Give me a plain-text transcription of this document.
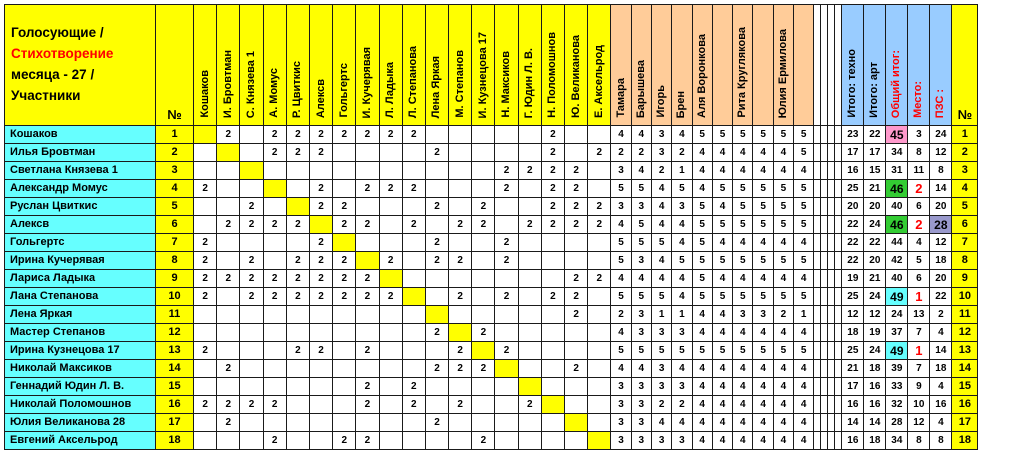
Голосующие /
Стихотворение
месяца - 27 /
Участники	№	Кошаков	И. Бровтман	С. Князева 1	А. Момус	Р. Цвиткис	Алексв	Гольгертс	И. Кучерявая	Л. Ладыка	Л. Степанова	Лена Яркая	М. Степанов	И. Кузнецова 17	Н. Максиков	Г. Юдин Л. В.	Н. Поломошнов	Ю. Великанова	Е. Аксельрод	Тамара	Барышева	Игорь	Брен	Аля Воронкова		Рита Круглякова		Юлия Ермилова						Итого: техно	Итого: арт	Общий итог:	Место:	ПЗС :	№
Кошаков	1		2		2	2	2	2	2	2	2						2			4	4	3	4	5	5	5	5	5	5					23	22	45	3	24	1
Илья Бровтман	2				2	2	2					2					2		2	2	2	3	2	4	4	4	4	4	5					17	17	34	8	12	2
Светлана Князева 1	3														2	2	2	2		3	4	2	1	4	4	4	4	4	4					16	15	31	11	8	3
Александр Момус	4	2					2		2	2	2				2		2	2		5	5	4	5	4	5	5	5	5	5					25	21	46	2	14	4
Руслан Цвиткис	5			2			2	2				2		2			2	2	2	3	3	4	3	5	4	5	5	5	5					20	20	40	6	20	5
Алексв	6		2	2	2	2		2	2		2		2	2		2	2	2	2	4	5	4	4	5	5	5	5	5	5					22	24	46	2	28	6
Гольгертс	7	2					2					2			2					5	5	5	4	5	4	4	4	4	4					22	22	44	4	12	7
Ирина Кучерявая	8	2		2		2	2	2		2		2	2		2					5	3	4	5	5	5	5	5	5	5					22	20	42	5	18	8
Лариса Ладыка	9	2	2	2	2	2	2	2	2									2	2	4	4	4	4	5	4	4	4	4	4					19	21	40	6	20	9
Лана Степанова	10	2		2	2	2	2	2	2	2			2		2		2	2		5	5	5	4	5	5	5	5	5	5					25	24	49	1	22	10
Лена Яркая	11																	2		2	3	1	1	4	4	3	3	2	1					12	12	24	13	2	11
Мастер Степанов	12											2		2						4	3	3	3	4	4	4	4	4	4					18	19	37	7	4	12
Ирина Кузнецова 17	13	2				2	2		2				2		2					5	5	5	5	5	5	5	5	5	5					25	24	49	1	14	13
Николай Максиков	14		2									2	2	2				2		4	4	3	4	4	4	4	4	4	4					21	18	39	7	18	14
Геннадий Юдин Л. В.	15								2		2									3	3	3	3	4	4	4	4	4	4					17	16	33	9	4	15
Николай Поломошнов	16	2	2	2	2				2		2		2			2				3	3	2	2	4	4	4	4	4	4					16	16	32	10	16	16
Юлия Великанова 28	17		2									2								3	3	4	4	4	4	4	4	4	4					14	14	28	12	4	17
Евгений Аксельрод	18				2			2	2					2						3	3	3	3	4	4	4	4	4	4					16	18	34	8	8	18
